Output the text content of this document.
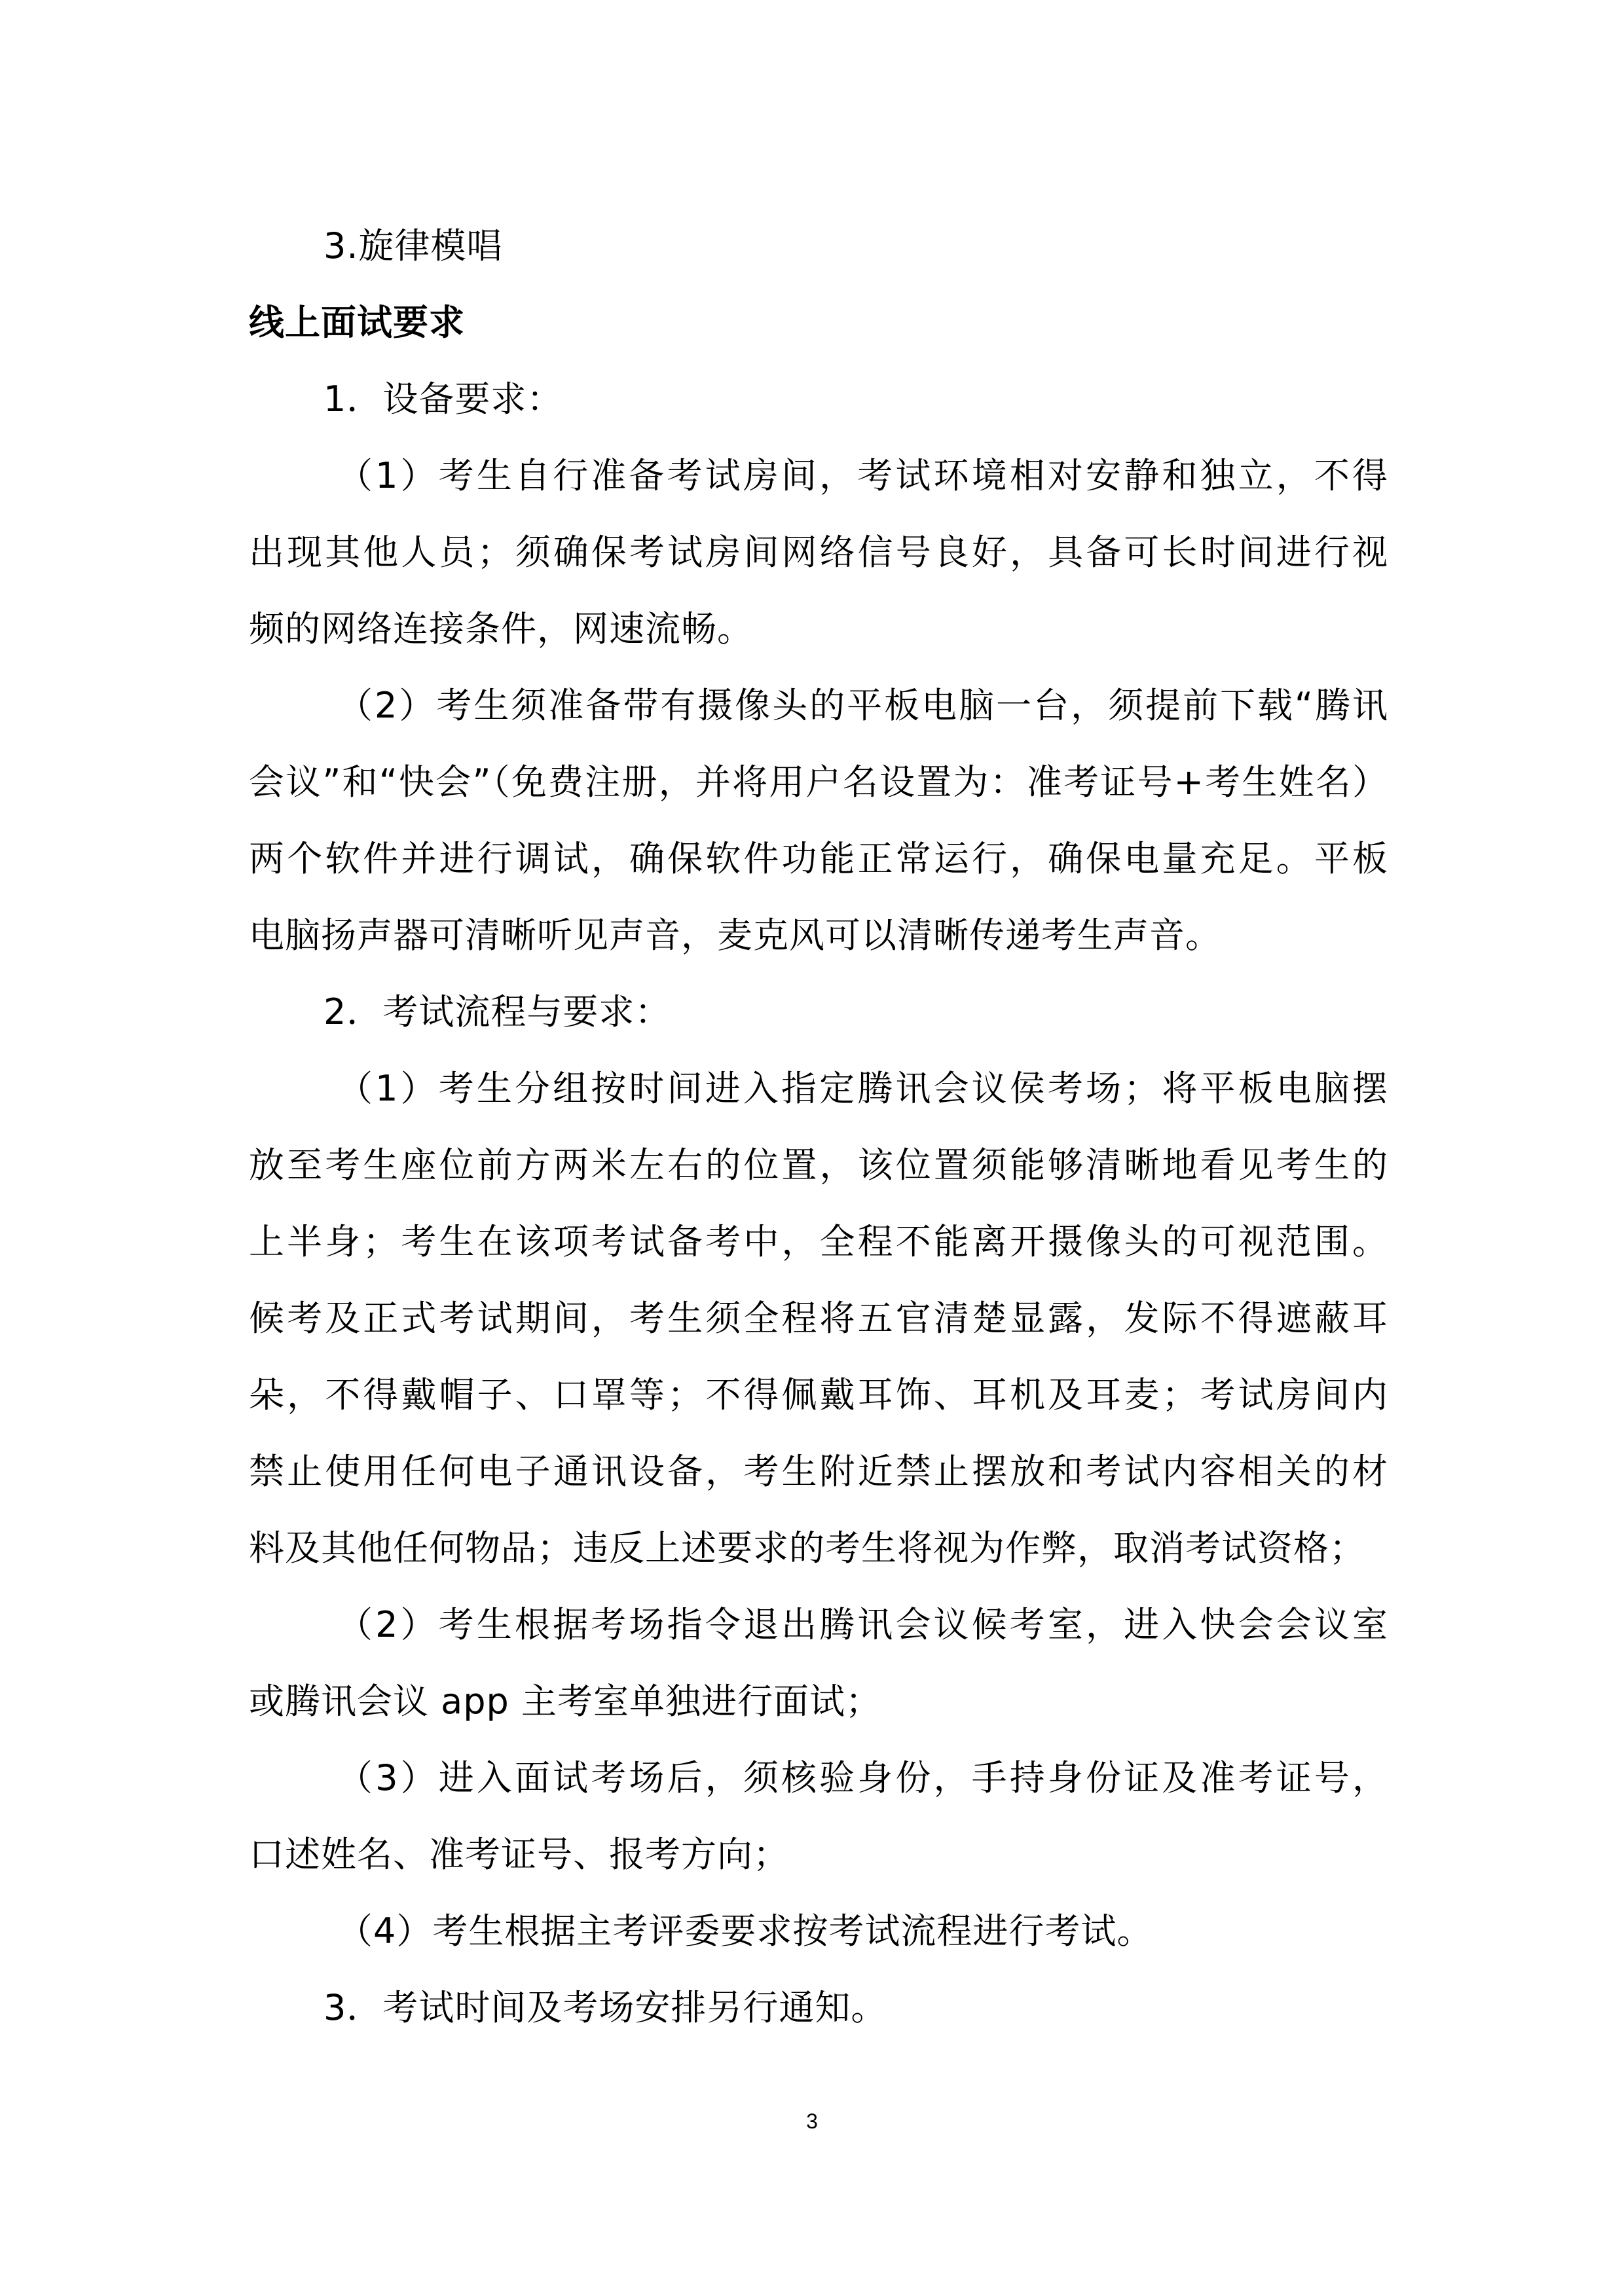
3.旋律模唱
线上面试要求
1．设备要求：
（1）考生自行准备考试房间，考试环境相对安静和独立，不得
出现其他人员；须确保考试房间网络信号良好，具备可长时间进行视
频的网络连接条件，网速流畅。
（2）考生须准备带有摄像头的平板电脑一台，须提前下载“腾讯
会议”和“快会”（免费注册，并将用户名设置为：准考证号+考生姓名）
两个软件并进行调试，确保软件功能正常运行，确保电量充足。平板
电脑扬声器可清晰听见声音，麦克风可以清晰传递考生声音。
2．考试流程与要求：
（1）考生分组按时间进入指定腾讯会议侯考场；将平板电脑摆
放至考生座位前方两米左右的位置，该位置须能够清晰地看见考生的
上半身；考生在该项考试备考中，全程不能离开摄像头的可视范围。
候考及正式考试期间，考生须全程将五官清楚显露，发际不得遮蔽耳
朵，不得戴帽子、口罩等；不得佩戴耳饰、耳机及耳麦；考试房间内
禁止使用任何电子通讯设备，考生附近禁止摆放和考试内容相关的材
料及其他任何物品；违反上述要求的考生将视为作弊，取消考试资格；
（2）考生根据考场指令退出腾讯会议候考室，进入快会会议室
或腾讯会议 app 主考室单独进行面试；
（3）进入面试考场后，须核验身份，手持身份证及准考证号，
口述姓名、准考证号、报考方向；
（4）考生根据主考评委要求按考试流程进行考试。
3．考试时间及考场安排另行通知。
3
